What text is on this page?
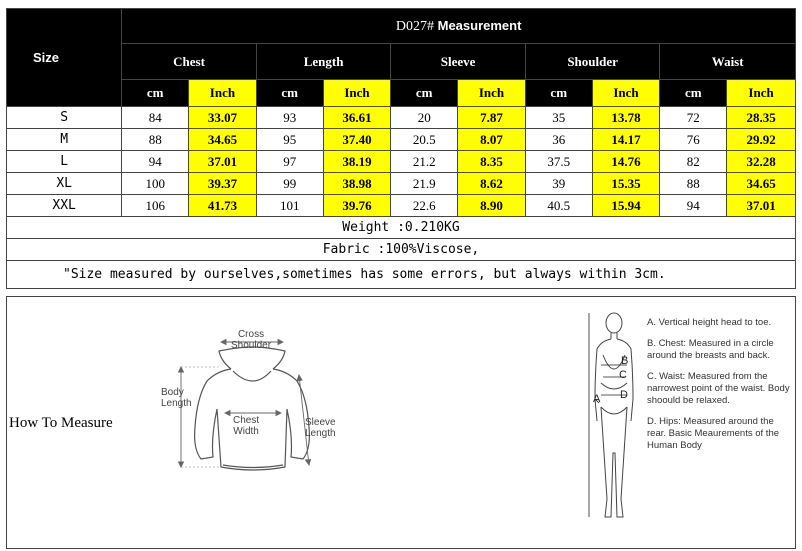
Size	D027# Measurement									
	Chest		Length		Sleeve		Shoulder		Waist	
	cm	Inch	cm	Inch	cm	Inch	cm	Inch	cm	Inch
S	84	33.07	93	36.61	20	7.87	35	13.78	72	28.35
M	88	34.65	95	37.40	20.5	8.07	36	14.17	76	29.92
L	94	37.01	97	38.19	21.2	8.35	37.5	14.76	82	32.28
XL	100	39.37	99	38.98	21.9	8.62	39	15.35	88	34.65
XXL	106	41.73	101	39.76	22.6	8.90	40.5	15.94	94	37.01
Weight :0.210KG										
Fabric :100%Viscose,										
"Size measured by ourselves,sometimes has some errors, but always within 3cm.										
How To Measure
Cross
Shoulder
Body
Length
Chest
Width
Sleeve
Length
B
C
A D

A. Vertical height head to toe.

B. Chest: Measured in a circle around the breasts and back.

C. Waist: Measured from the narrowest point of the waist. Body shoould be relaxed.

D. Hips: Measured around the rear. Basic Meaurements of the Human Body
